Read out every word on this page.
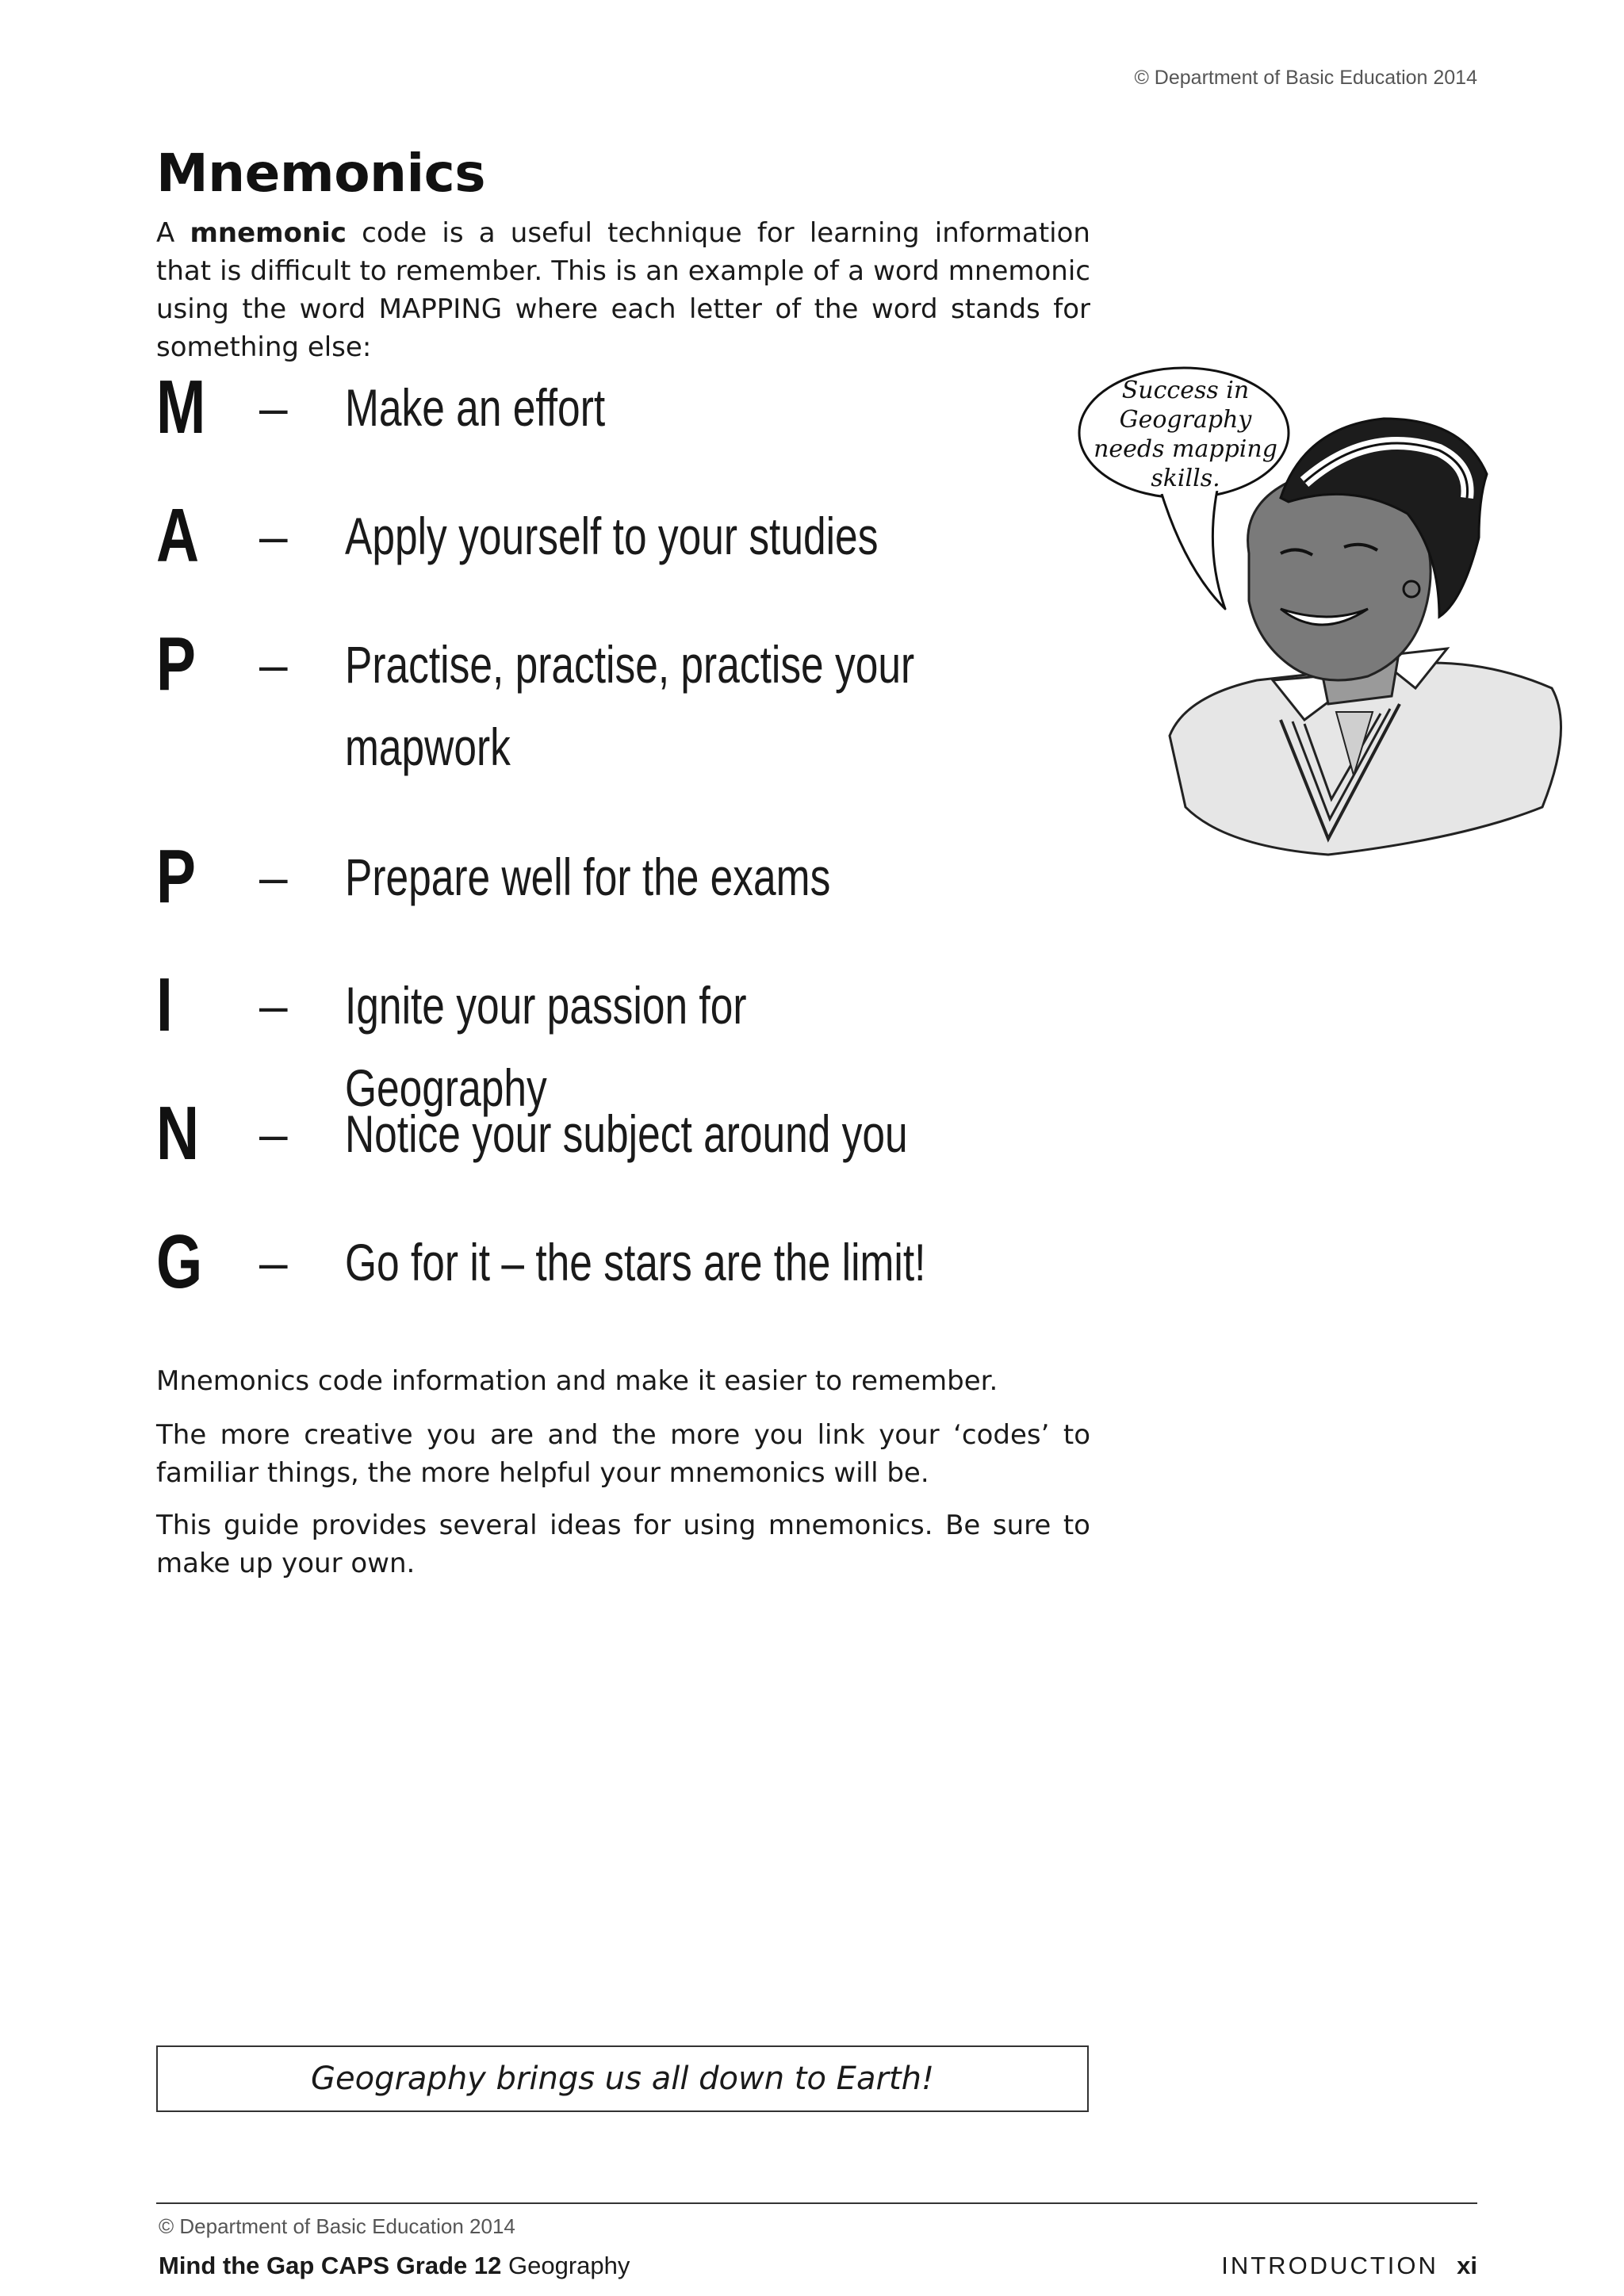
© Department of Basic Education 2014
Mnemonics

A mnemonic code is a useful technique for learning information that is difficult to remember. This is an example of a word mnemonic using the word MAPPING where each letter of the word stands for something else:

M – Make an effort
A – Apply yourself to your studies
P – Practise, practise, practise your mapwork
P – Prepare well for the exams
I – Ignite your passion for Geography
N – Notice your subject around you
G – Go for it – the stars are the limit!
Success in
Geography
needs mapping
skills.

Mnemonics code information and make it easier to remember.

The more creative you are and the more you link your ‘codes’ to familiar things, the more helpful your mnemonics will be.

This guide provides several ideas for using mnemonics. Be sure to make up your own.

Geography brings us all down to Earth!
© Department of Basic Education 2014
Mind the Gap CAPS Grade 12 Geography	INTRODUCTION xi
